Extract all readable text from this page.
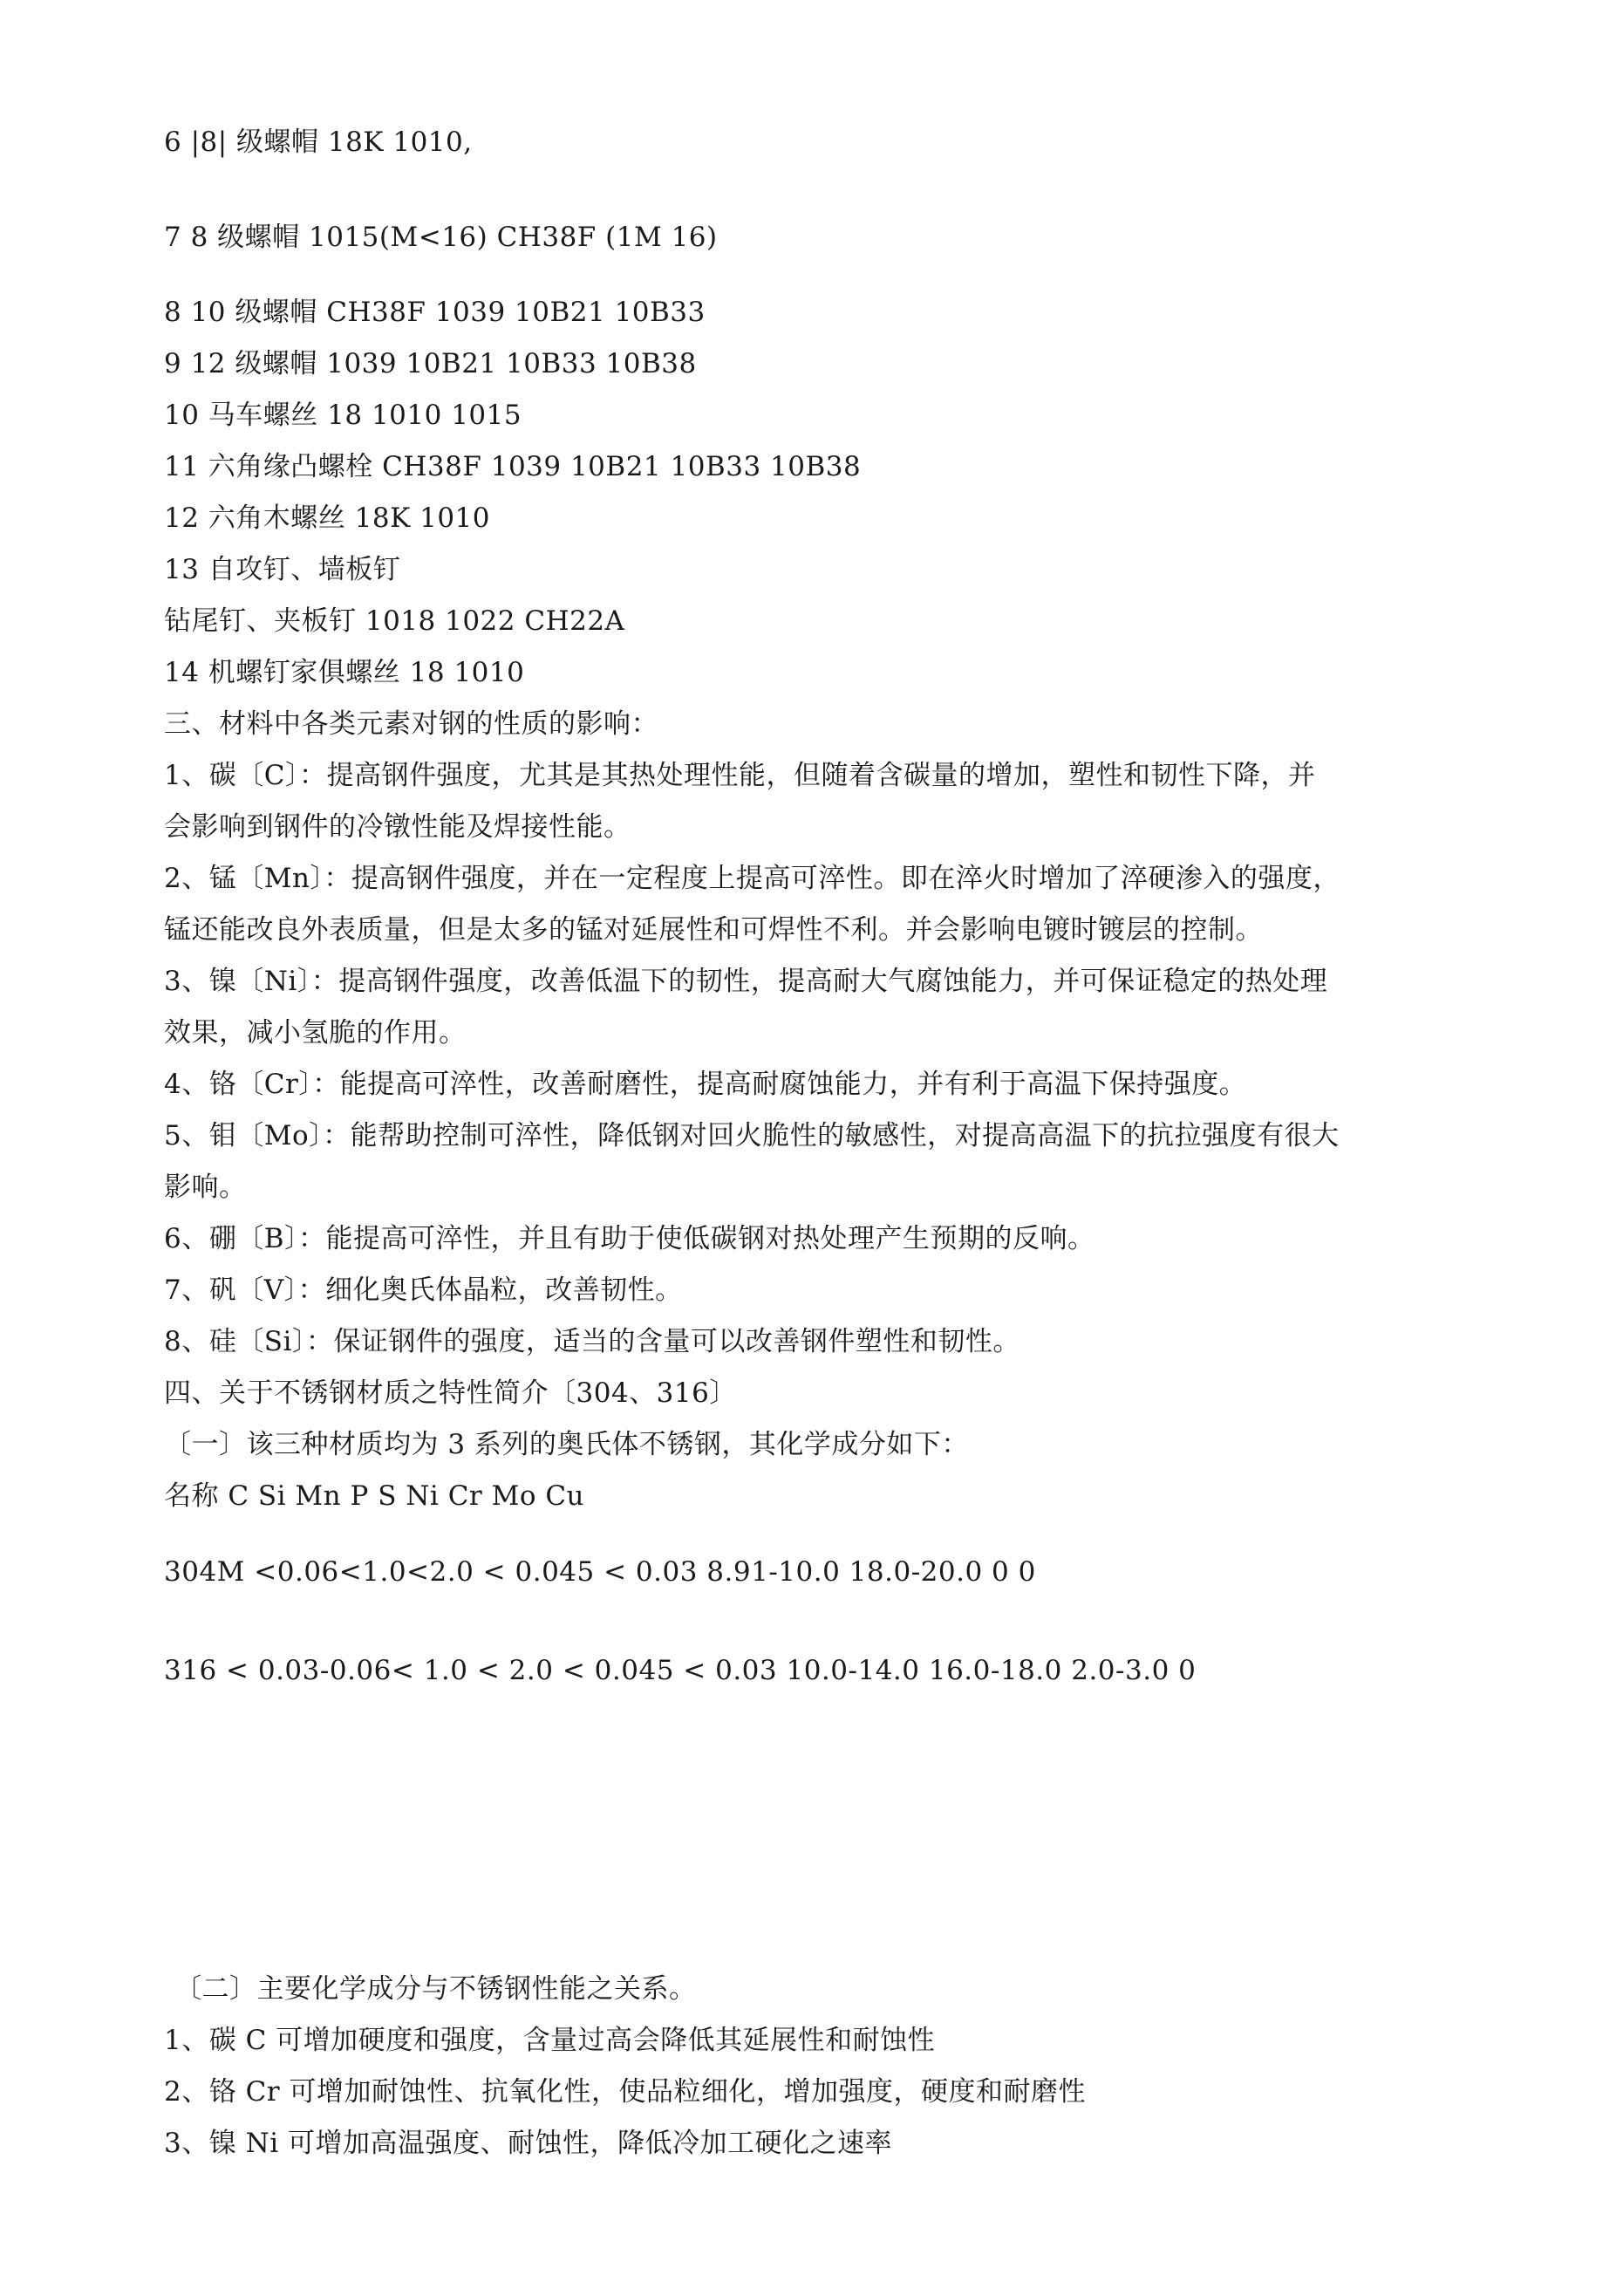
6 |8| 级螺帽 18K 1010,
7 8 级螺帽 1015(M<16) CH38F (1M 16)
8 10 级螺帽 CH38F 1039 10B21 10B33
9 12 级螺帽 1039 10B21 10B33 10B38
10 马车螺丝 18 1010 1015
11 六角缘凸螺栓 CH38F 1039 10B21 10B33 10B38
12 六角木螺丝 18K 1010
13 自攻钉、墙板钉
钻尾钉、夹板钉 1018 1022 CH22A
14 机螺钉家俱螺丝 18 1010
三、材料中各类元素对钢的性质的影响：
1、碳〔C〕：提高钢件强度，尤其是其热处理性能，但随着含碳量的增加，塑性和韧性下降，并
会影响到钢件的冷镦性能及焊接性能。
2、锰〔Mn〕：提高钢件强度，并在一定程度上提高可淬性。即在淬火时增加了淬硬渗入的强度，
锰还能改良外表质量，但是太多的锰对延展性和可焊性不利。并会影响电镀时镀层的控制。
3、镍〔Ni〕：提高钢件强度，改善低温下的韧性，提高耐大气腐蚀能力，并可保证稳定的热处理
效果，减小氢脆的作用。
4、铬〔Cr〕：能提高可淬性，改善耐磨性，提高耐腐蚀能力，并有利于高温下保持强度。
5、钼〔Mo〕：能帮助控制可淬性，降低钢对回火脆性的敏感性，对提高高温下的抗拉强度有很大
影响。
6、硼〔B〕：能提高可淬性，并且有助于使低碳钢对热处理产生预期的反响。
7、矾〔V〕：细化奥氏体晶粒，改善韧性。
8、硅〔Si〕：保证钢件的强度，适当的含量可以改善钢件塑性和韧性。
四、关于不锈钢材质之特性简介〔304、316〕
〔一〕该三种材质均为 3 系列的奥氏体不锈钢，其化学成分如下：
名称 C Si Mn P S Ni Cr Mo Cu
304M <0.06<1.0<2.0 < 0.045 < 0.03 8.91-10.0 18.0-20.0 0 0
316 < 0.03-0.06< 1.0 < 2.0 < 0.045 < 0.03 10.0-14.0 16.0-18.0 2.0-3.0 0
〔二〕主要化学成分与不锈钢性能之关系。
1、碳 C 可增加硬度和强度，含量过高会降低其延展性和耐蚀性
2、铬 Cr 可增加耐蚀性、抗氧化性，使品粒细化，增加强度，硬度和耐磨性
3、镍 Ni 可增加高温强度、耐蚀性，降低冷加工硬化之速率
